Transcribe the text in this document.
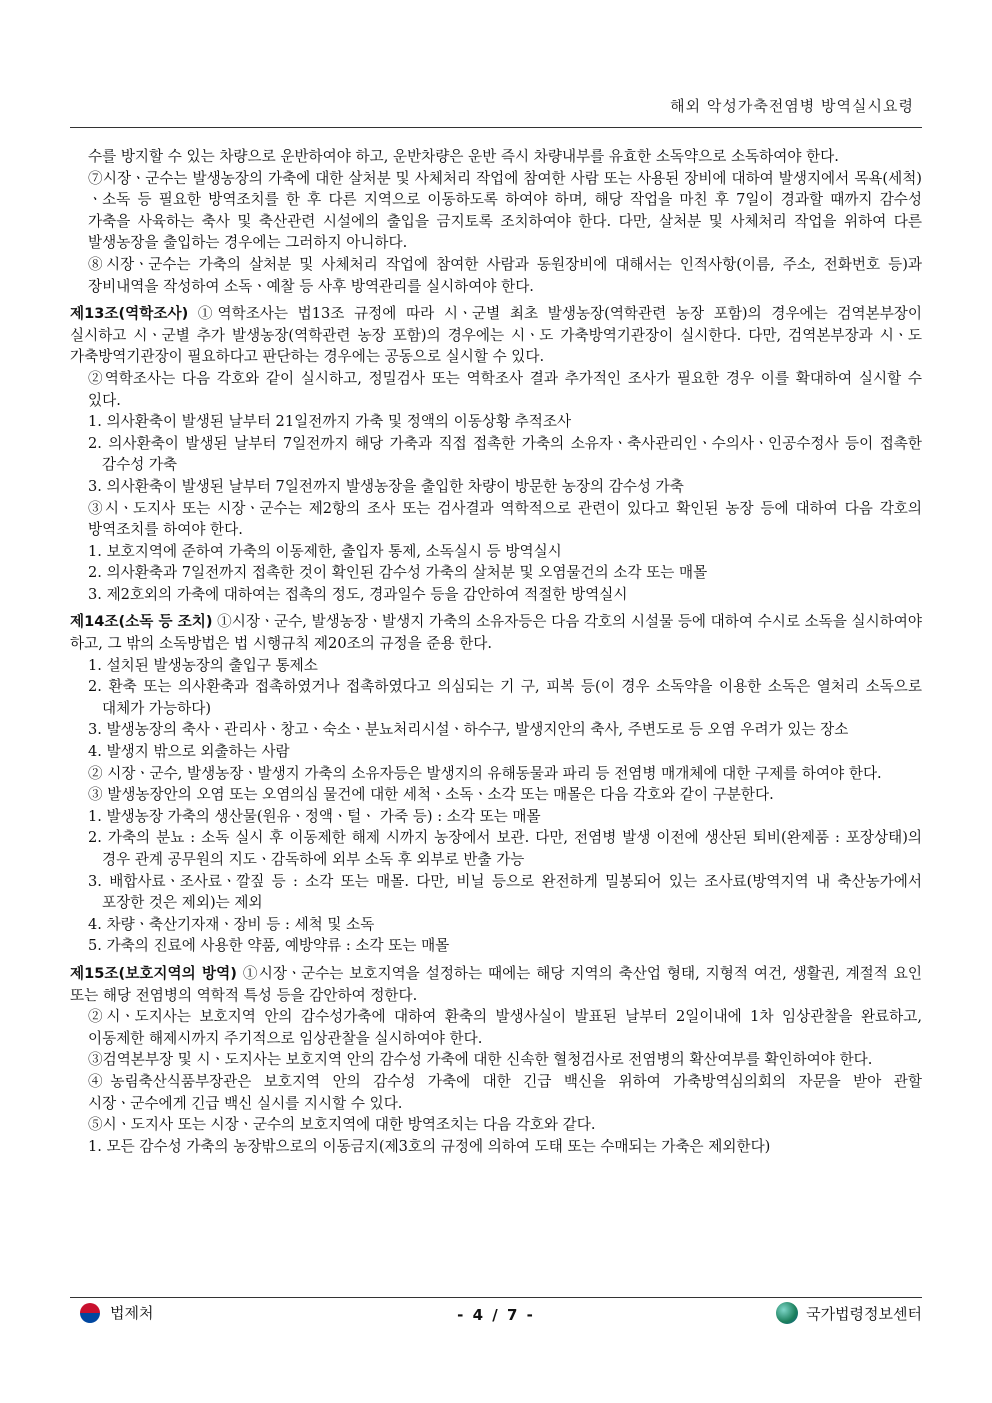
해외 악성가축전염병 방역실시요령

수를 방지할 수 있는 차량으로 운반하여야 하고, 운반차량은 운반 즉시 차량내부를 유효한 소독약으로 소독하여야 한다.

⑦시장ㆍ군수는 발생농장의 가축에 대한 살처분 및 사체처리 작업에 참여한 사람 또는 사용된 장비에 대하여 발생지에서 목욕(세척)ㆍ소독 등 필요한 방역조치를 한 후 다른 지역으로 이동하도록 하여야 하며, 해당 작업을 마친 후 7일이 경과할 때까지 감수성 가축을 사육하는 축사 및 축산관련 시설에의 출입을 금지토록 조치하여야 한다. 다만, 살처분 및 사체처리 작업을 위하여 다른 발생농장을 출입하는 경우에는 그러하지 아니하다.

⑧시장ㆍ군수는 가축의 살처분 및 사체처리 작업에 참여한 사람과 동원장비에 대해서는 인적사항(이름, 주소, 전화번호 등)과 장비내역을 작성하여 소독ㆍ예찰 등 사후 방역관리를 실시하여야 한다.

제13조(역학조사) ①역학조사는 법13조 규정에 따라 시ㆍ군별 최초 발생농장(역학관련 농장 포함)의 경우에는 검역본부장이 실시하고 시ㆍ군별 추가 발생농장(역학관련 농장 포함)의 경우에는 시ㆍ도 가축방역기관장이 실시한다. 다만, 검역본부장과 시ㆍ도 가축방역기관장이 필요하다고 판단하는 경우에는 공동으로 실시할 수 있다.

②역학조사는 다음 각호와 같이 실시하고, 정밀검사 또는 역학조사 결과 추가적인 조사가 필요한 경우 이를 확대하여 실시할 수 있다.

1. 의사환축이 발생된 날부터 21일전까지 가축 및 정액의 이동상황 추적조사

2. 의사환축이 발생된 날부터 7일전까지 해당 가축과 직접 접촉한 가축의 소유자ㆍ축사관리인ㆍ수의사ㆍ인공수정사 등이 접촉한 감수성 가축

3. 의사환축이 발생된 날부터 7일전까지 발생농장을 출입한 차량이 방문한 농장의 감수성 가축

③시ㆍ도지사 또는 시장ㆍ군수는 제2항의 조사 또는 검사결과 역학적으로 관련이 있다고 확인된 농장 등에 대하여 다음 각호의 방역조치를 하여야 한다.

1. 보호지역에 준하여 가축의 이동제한, 출입자 통제, 소독실시 등 방역실시

2. 의사환축과 7일전까지 접촉한 것이 확인된 감수성 가축의 살처분 및 오염물건의 소각 또는 매몰

3. 제2호외의 가축에 대하여는 접촉의 정도, 경과일수 등을 감안하여 적절한 방역실시

제14조(소독 등 조치) ①시장ㆍ군수, 발생농장ㆍ발생지 가축의 소유자등은 다음 각호의 시설물 등에 대하여 수시로 소독을 실시하여야 하고, 그 밖의 소독방법은 법 시행규칙 제20조의 규정을 준용 한다.

1. 설치된 발생농장의 출입구 통제소

2. 환축 또는 의사환축과 접촉하였거나 접촉하였다고 의심되는 기 구, 피복 등(이 경우 소독약을 이용한 소독은 열처리 소독으로 대체가 가능하다)

3. 발생농장의 축사ㆍ관리사ㆍ창고ㆍ숙소ㆍ분뇨처리시설ㆍ하수구, 발생지안의 축사, 주변도로 등 오염 우려가 있는 장소

4. 발생지 밖으로 외출하는 사람

② 시장ㆍ군수, 발생농장ㆍ발생지 가축의 소유자등은 발생지의 유해동물과 파리 등 전염병 매개체에 대한 구제를 하여야 한다.

③ 발생농장안의 오염 또는 오염의심 물건에 대한 세척ㆍ소독ㆍ소각 또는 매몰은 다음 각호와 같이 구분한다.

1. 발생농장 가축의 생산물(원유ㆍ정액ㆍ털ㆍ 가죽 등) : 소각 또는 매몰

2. 가축의 분뇨 : 소독 실시 후 이동제한 해제 시까지 농장에서 보관. 다만, 전염병 발생 이전에 생산된 퇴비(완제품 : 포장상태)의 경우 관계 공무원의 지도ㆍ감독하에 외부 소독 후 외부로 반출 가능

3. 배합사료ㆍ조사료ㆍ깔짚 등 : 소각 또는 매몰. 다만, 비닐 등으로 완전하게 밀봉되어 있는 조사료(방역지역 내 축산농가에서 포장한 것은 제외)는 제외

4. 차량ㆍ축산기자재ㆍ장비 등 : 세척 및 소독

5. 가축의 진료에 사용한 약품, 예방약류 : 소각 또는 매몰

제15조(보호지역의 방역) ①시장ㆍ군수는 보호지역을 설정하는 때에는 해당 지역의 축산업 형태, 지형적 여건, 생활권, 계절적 요인 또는 해당 전염병의 역학적 특성 등을 감안하여 정한다.

②시ㆍ도지사는 보호지역 안의 감수성가축에 대하여 환축의 발생사실이 발표된 날부터 2일이내에 1차 임상관찰을 완료하고, 이동제한 해제시까지 주기적으로 임상관찰을 실시하여야 한다.

③검역본부장 및 시ㆍ도지사는 보호지역 안의 감수성 가축에 대한 신속한 혈청검사로 전염병의 확산여부를 확인하여야 한다.

④농림축산식품부장관은 보호지역 안의 감수성 가축에 대한 긴급 백신을 위하여 가축방역심의회의 자문을 받아 관할 시장ㆍ군수에게 긴급 백신 실시를 지시할 수 있다.

⑤시ㆍ도지사 또는 시장ㆍ군수의 보호지역에 대한 방역조치는 다음 각호와 같다.

1. 모든 감수성 가축의 농장밖으로의 이동금지(제3호의 규정에 의하여 도태 또는 수매되는 가축은 제외한다)

법제처	- 4 / 7 -	국가법령정보센터
